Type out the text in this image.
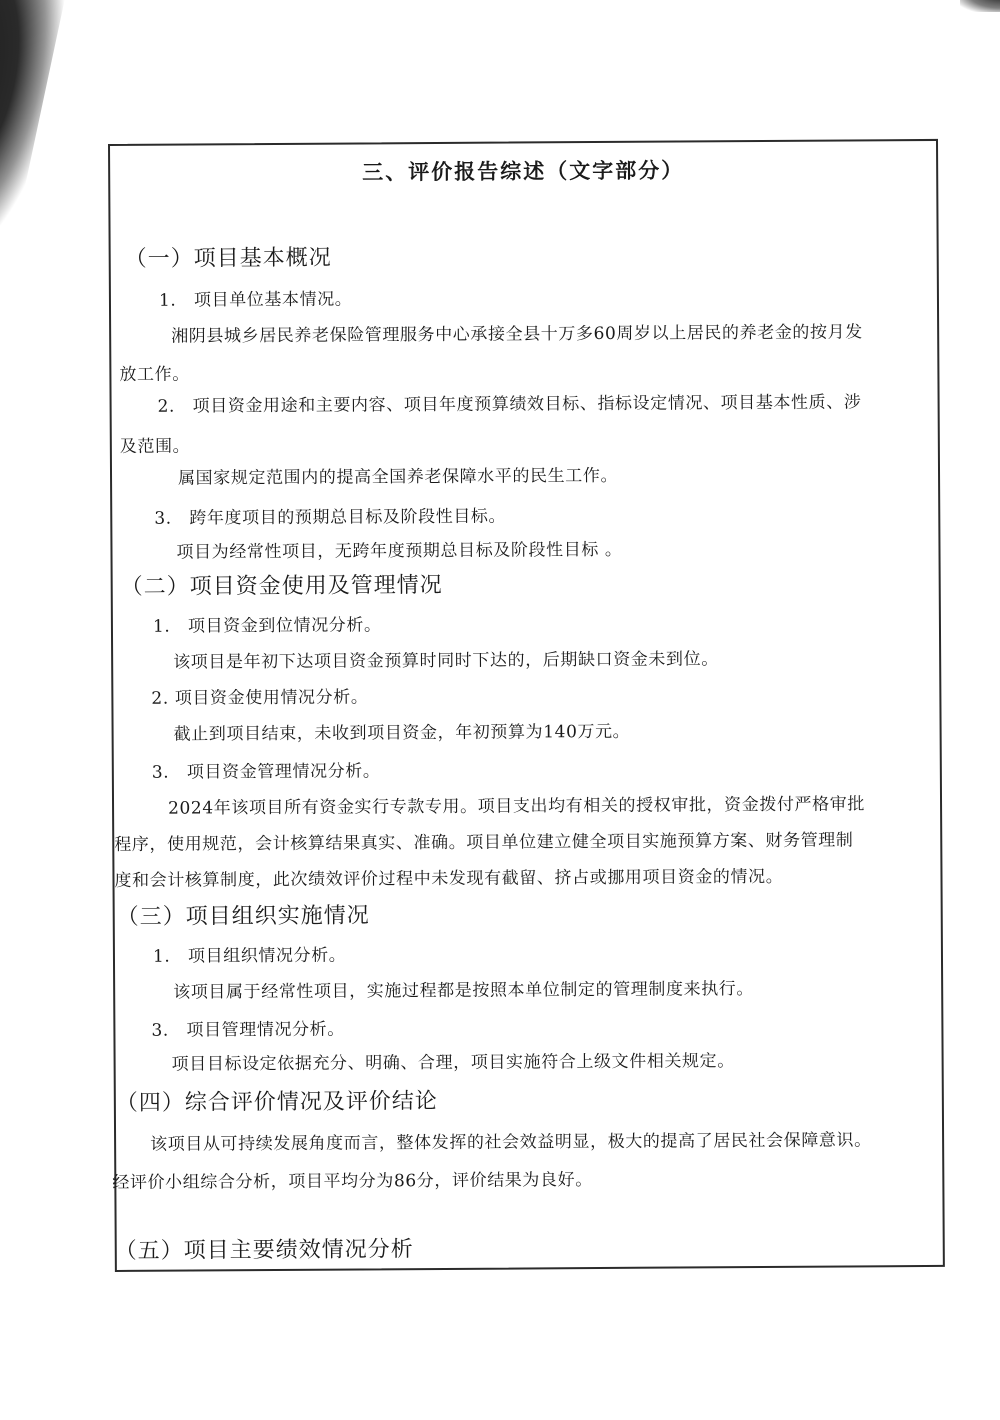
三、评价报告综述（文字部分）
（一）项目基本概况
1.　项目单位基本情况。
湘阴县城乡居民养老保险管理服务中心承接全县十万多60周岁以上居民的养老金的按月发
放工作。
2.　项目资金用途和主要内容、项目年度预算绩效目标、指标设定情况、项目基本性质、涉
及范围。
属国家规定范围内的提高全国养老保障水平的民生工作。
3.　跨年度项目的预期总目标及阶段性目标。
项目为经常性项目，无跨年度预期总目标及阶段性目标 。
（二）项目资金使用及管理情况
1.　项目资金到位情况分析。
该项目是年初下达项目资金预算时同时下达的，后期缺口资金未到位。
2. 项目资金使用情况分析。
截止到项目结束，未收到项目资金，年初预算为140万元。
3.　项目资金管理情况分析。
2024年该项目所有资金实行专款专用。项目支出均有相关的授权审批，资金拨付严格审批
程序，使用规范，会计核算结果真实、准确。项目单位建立健全项目实施预算方案、财务管理制
度和会计核算制度，此次绩效评价过程中未发现有截留、挤占或挪用项目资金的情况。
（三）项目组织实施情况
1.　项目组织情况分析。
该项目属于经常性项目，实施过程都是按照本单位制定的管理制度来执行。
3.　项目管理情况分析。
项目目标设定依据充分、明确、合理，项目实施符合上级文件相关规定。
（四）综合评价情况及评价结论
该项目从可持续发展角度而言，整体发挥的社会效益明显，极大的提高了居民社会保障意识。
经评价小组综合分析，项目平均分为86分，评价结果为良好。
（五）项目主要绩效情况分析
